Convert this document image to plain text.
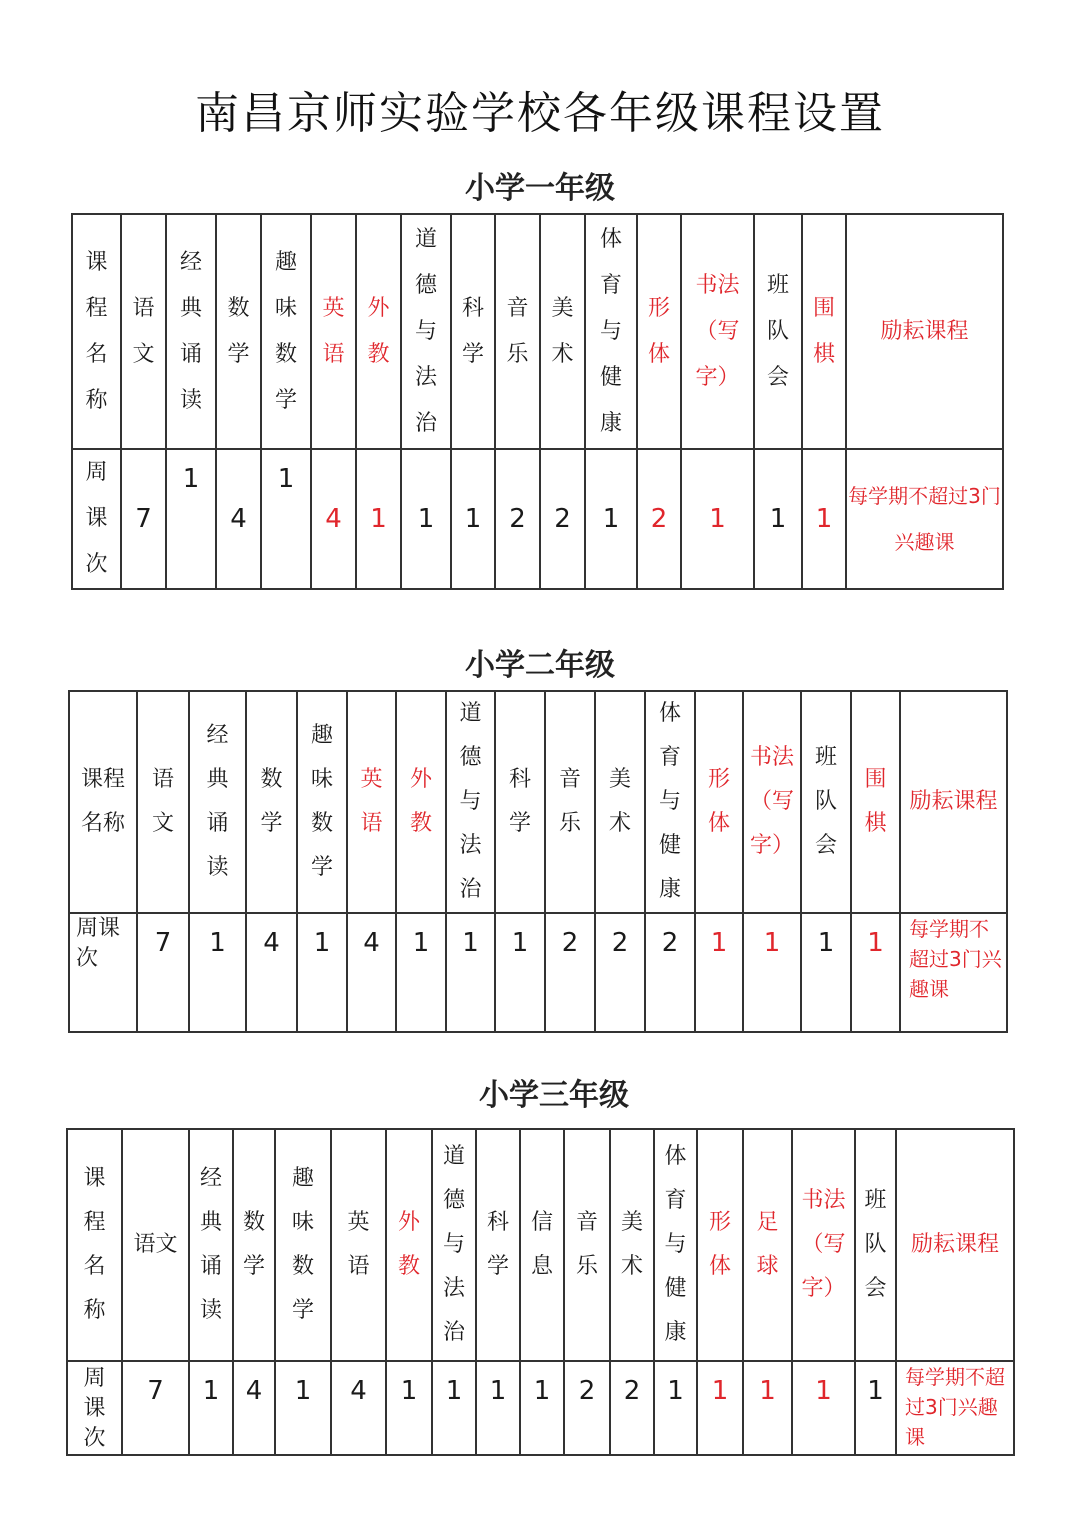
南昌京师实验学校各年级课程设置
小学一年级
课
程
名
称	语
文	经
典
诵
读	数
学	趣
味
数
学	英
语	外
教	道
德
与
法
治	科
学	音
乐	美
术	体
育
与
健
康	形
体	书法
（写
字）	班
队
会	围
棋	励耘课程

周
课
次	7	1	4	1	4	1	1	1	2	2	1	2	1	1	1	每学期不超过3门兴趣课
小学二年级
课程
名称	语
文	经
典
诵
读	数
学	趣
味
数
学	英
语	外
教	道
德
与
法
治	科
学	音
乐	美
术	体
育
与
健
康	形
体	书法
（写
字）	班
队
会	围
棋	励耘课程

周课
次	7	1	4	1	4	1	1	1	2	2	2	1	1	1	1	每学期不超过3门兴趣课
小学三年级
课
程
名
称	语文	经
典
诵
读	数
学	趣
味
数
学	英
语	外
教	道
德
与
法
治	科
学	信
息	音
乐	美
术	体
育
与
健
康	形
体	足
球	书法
（写
字）	班
队
会	励耘课程

周
课
次	7	1	4	1	4	1	1	1	1	2	2	1	1	1	1	1	每学期不超过3门兴趣课
